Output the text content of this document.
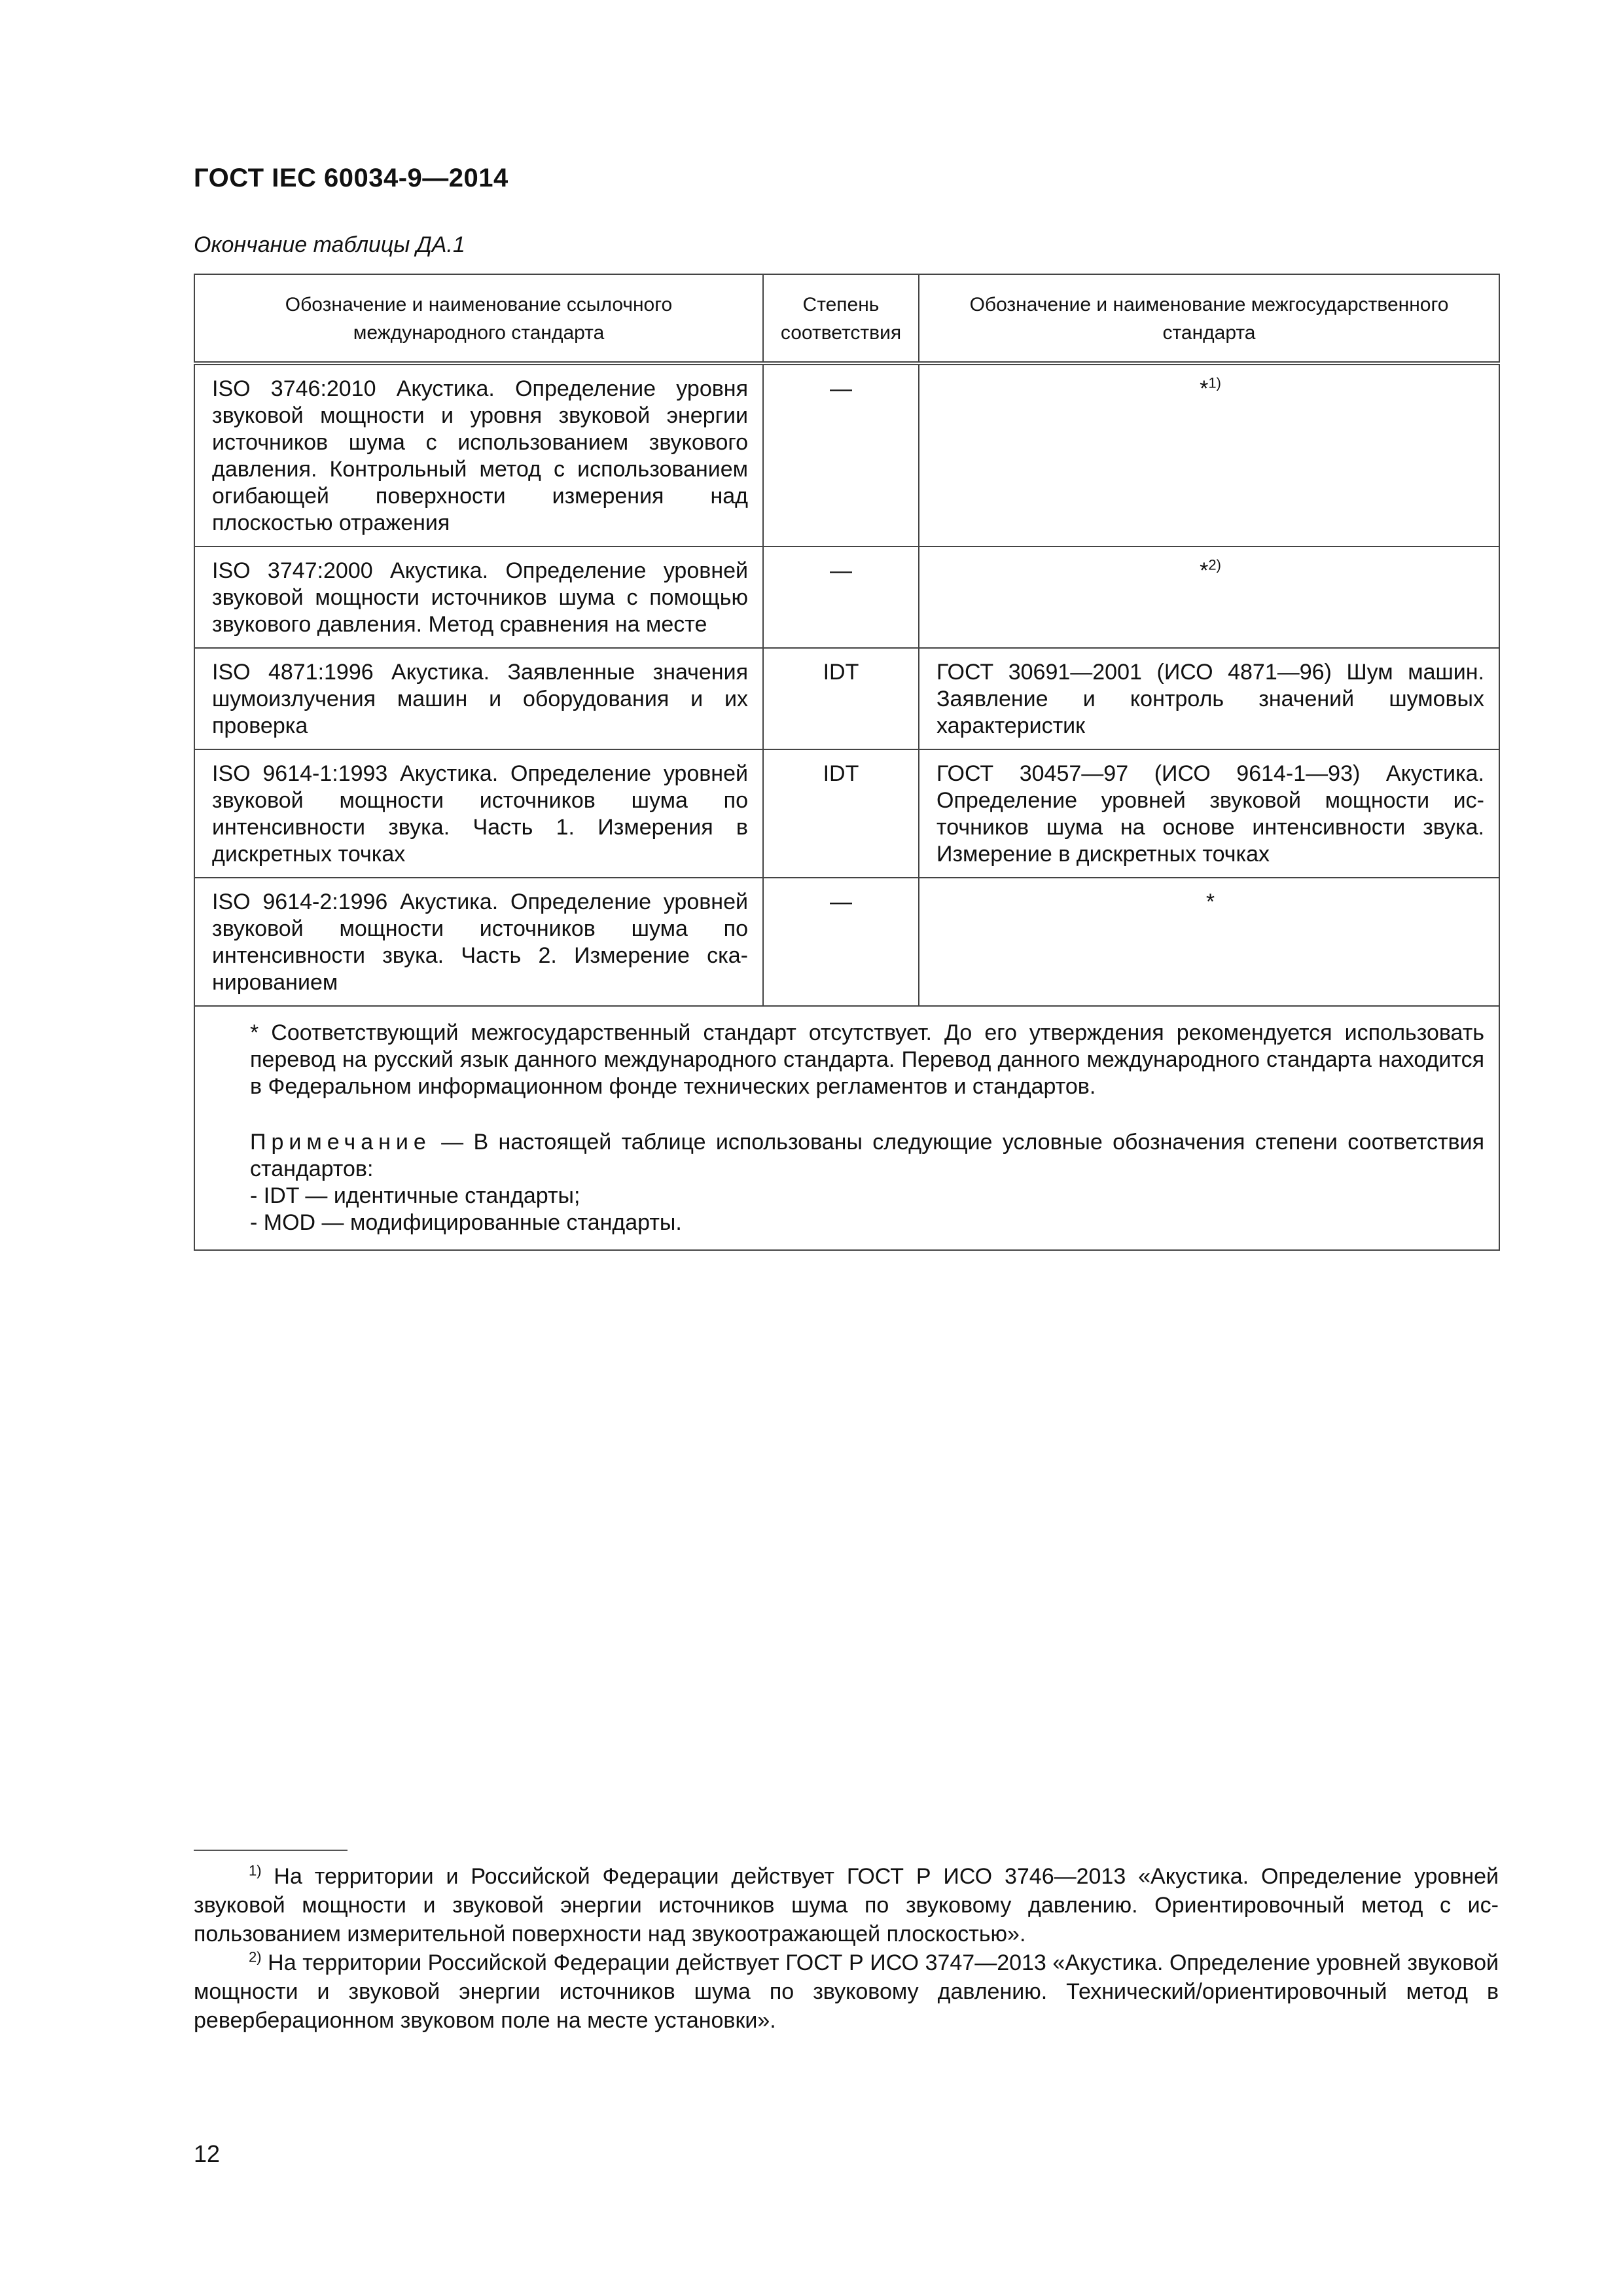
ГОСТ IEC 60034-9—2014

Окончание таблицы ДА.1

Обозначение и наименование ссылочного международного стандарта	Степень соответствия	Обозначение и наименование межгосударственного стандарта
ISO 3746:2010 Акустика. Определение уровня звуковой мощности и уровня звуковой энергии источников шума с использованием звукового давления. Контрольный метод с использованием огибающей поверхности измерения над плоскостью отражения	—	*$^{1)}$
ISO 3747:2000 Акустика. Определение уровней звуковой мощности источников шума с помощью звукового давления. Метод сравнения на месте	—	*$^{2)}$
ISO 4871:1996 Акустика. Заявленные значения шумоизлучения машин и оборудования и их проверка	IDT	ГОСТ 30691—2001 (ИСО 4871—96) Шум машин. Заявление и контроль значений шумовых характеристик
ISO 9614-1:1993 Акустика. Определение уровней звуковой мощности источников шума по интенсивности звука. Часть 1. Измерения в дискретных точках	IDT	ГОСТ 30457—97 (ИСО 9614-1—93) Акустика. Определение уровней звуковой мощности источников шума на основе интенсивности звука. Измерение в дискретных точках
ISO 9614-2:1996 Акустика. Определение уровней звуковой мощности источников шума по интенсивности звука. Часть 2. Измерение сканированием	—	*

* Соответствующий межгосударственный стандарт отсутствует. До его утверждения рекомендуется использовать перевод на русский язык данного международного стандарта. Перевод данного международного стандарта находится в Федеральном информационном фонде технических регламентов и стандартов.
Примечание — В настоящей таблице использованы следующие условные обозначения степени соответствия стандартов:
- IDT — идентичные стандарты;
- MOD — модифицированные стандарты.		

$^{1)}$ На территории и Российской Федерации действует ГОСТ Р ИСО 3746—2013 «Акустика. Определение уровней звуковой мощности и звуковой энергии источников шума по звуковому давлению. Ориентировочный метод с использованием измерительной поверхности над звукоотражающей плоскостью».

$^{2)}$ На территории Российской Федерации действует ГОСТ Р ИСО 3747—2013 «Акустика. Определение уровней звуковой мощности и звуковой энергии источников шума по звуковому давлению. Технический/ориентировочный метод в реверберационном звуковом поле на месте установки».

12
